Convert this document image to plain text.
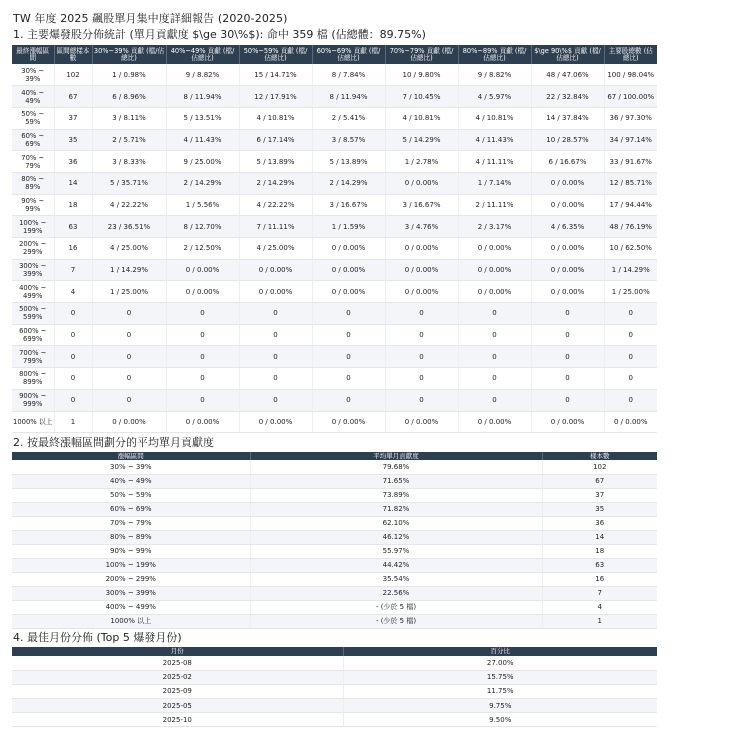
TW 年度 2025 飆股單月集中度詳細報告 (2020-2025)
1. 主要爆發股分佈統計 (單月貢獻度 $\ge 30\%$): 命中 359 檔 (佔總體：89.75%)
最終漲幅區間	區間總樣本數	30%~39% 貢獻 (檔/佔總比)	40%~49% 貢獻 (檔/佔總比)	50%~59% 貢獻 (檔/佔總比)	60%~69% 貢獻 (檔/佔總比)	70%~79% 貢獻 (檔/佔總比)	80%~89% 貢獻 (檔/佔總比)	$\ge 90\%$ 貢獻 (檔/佔總比)	主要股總數 (佔總比)
30% ~ 39%	102	1 / 0.98%	9 / 8.82%	15 / 14.71%	8 / 7.84%	10 / 9.80%	9 / 8.82%	48 / 47.06%	100 / 98.04%
40% ~ 49%	67	6 / 8.96%	8 / 11.94%	12 / 17.91%	8 / 11.94%	7 / 10.45%	4 / 5.97%	22 / 32.84%	67 / 100.00%
50% ~ 59%	37	3 / 8.11%	5 / 13.51%	4 / 10.81%	2 / 5.41%	4 / 10.81%	4 / 10.81%	14 / 37.84%	36 / 97.30%
60% ~ 69%	35	2 / 5.71%	4 / 11.43%	6 / 17.14%	3 / 8.57%	5 / 14.29%	4 / 11.43%	10 / 28.57%	34 / 97.14%
70% ~ 79%	36	3 / 8.33%	9 / 25.00%	5 / 13.89%	5 / 13.89%	1 / 2.78%	4 / 11.11%	6 / 16.67%	33 / 91.67%
80% ~ 89%	14	5 / 35.71%	2 / 14.29%	2 / 14.29%	2 / 14.29%	0 / 0.00%	1 / 7.14%	0 / 0.00%	12 / 85.71%
90% ~ 99%	18	4 / 22.22%	1 / 5.56%	4 / 22.22%	3 / 16.67%	3 / 16.67%	2 / 11.11%	0 / 0.00%	17 / 94.44%
100% ~ 199%	63	23 / 36.51%	8 / 12.70%	7 / 11.11%	1 / 1.59%	3 / 4.76%	2 / 3.17%	4 / 6.35%	48 / 76.19%
200% ~ 299%	16	4 / 25.00%	2 / 12.50%	4 / 25.00%	0 / 0.00%	0 / 0.00%	0 / 0.00%	0 / 0.00%	10 / 62.50%
300% ~ 399%	7	1 / 14.29%	0 / 0.00%	0 / 0.00%	0 / 0.00%	0 / 0.00%	0 / 0.00%	0 / 0.00%	1 / 14.29%
400% ~ 499%	4	1 / 25.00%	0 / 0.00%	0 / 0.00%	0 / 0.00%	0 / 0.00%	0 / 0.00%	0 / 0.00%	1 / 25.00%
500% ~ 599%	0	0	0	0	0	0	0	0	0
600% ~ 699%	0	0	0	0	0	0	0	0	0
700% ~ 799%	0	0	0	0	0	0	0	0	0
800% ~ 899%	0	0	0	0	0	0	0	0	0
900% ~ 999%	0	0	0	0	0	0	0	0	0
1000% 以上	1	0 / 0.00%	0 / 0.00%	0 / 0.00%	0 / 0.00%	0 / 0.00%	0 / 0.00%	0 / 0.00%	0 / 0.00%
2. 按最終漲幅區間劃分的平均單月貢獻度
漲幅區間	平均單月貢獻度	樣本數
30% ~ 39%	79.68%	102
40% ~ 49%	71.65%	67
50% ~ 59%	73.89%	37
60% ~ 69%	71.82%	35
70% ~ 79%	62.10%	36
80% ~ 89%	46.12%	14
90% ~ 99%	55.97%	18
100% ~ 199%	44.42%	63
200% ~ 299%	35.54%	16
300% ~ 399%	22.56%	7
400% ~ 499%	- (少於 5 檔)	4
1000% 以上	- (少於 5 檔)	1
4. 最佳月份分佈 (Top 5 爆發月份)
月份	百分比
2025-08	27.00%
2025-02	15.75%
2025-09	11.75%
2025-05	9.75%
2025-10	9.50%
